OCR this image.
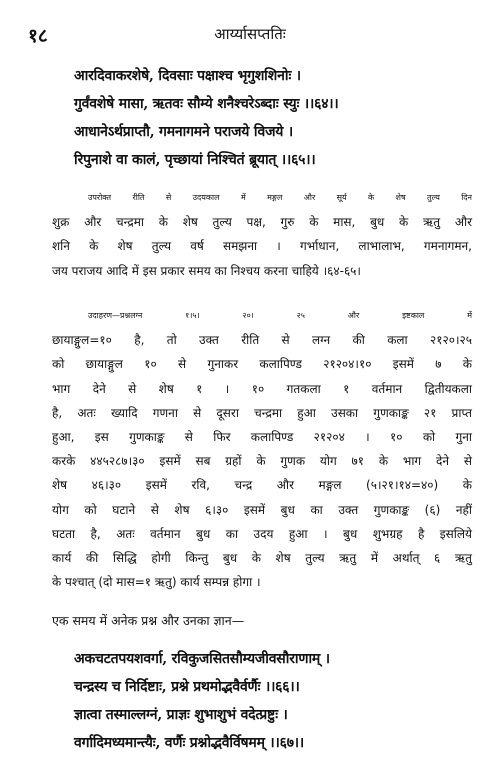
१८	आर्य्यासप्ततिः
आरदिवाकरशेषे, दिवसाः पक्षाश्च भृगुशशिनोः ।
गुर्वंवशेषे मासा, ऋतवः सौम्ये शनैश्चरेऽब्दाः स्युः ।।६४।।
आधानेऽर्थप्राप्तौ, गमनागमने पराजये विजये ।
रिपुनाशे वा कालं, पृच्छायां निश्चितं ब्रूयात् ।।६५।।
उपरोक्त रीति से उदयकाल में मङ्गल और सूर्य के शेष तुल्य दिन
शुक्र और चन्द्रमा के शेष तुल्य पक्ष, गुरु के मास, बुध के ऋतु और
शनि के शेष तुल्य वर्ष समझना । गर्भाधान, लाभालाभ, गमनागमन,
जय पराजय आदि में इस प्रकार समय का निश्चय करना चाहिये ।६४-६५।
उदाहरण—प्रश्नलग्न १।५। २०। २५ और इष्टकाल में
छायाङ्गुल=१० है, तो उक्त रीति से लग्न की कला २१२०।२५
को छायाङ्गुल १० से गुनाकर कलापिण्ड २१२०४।१० इसमें ७ के
भाग देने से शेष १ । १० गतकला १ वर्तमान द्वितीयकला
है, अतः ख्यादि गणना से दूसरा चन्द्रमा हुआ उसका गुणकाङ्क २१ प्राप्त
हुआ, इस गुणकाङ्क से फिर कलापिण्ड २१२०४ । १० को गुना
करके ४४५२८७।३० इसमें सब ग्रहों के गुणक योग ७१ के भाग देने से
शेष ४६।३० इसमें रवि, चन्द्र और मङ्गल (५।२१।१४=४०) के
योग को घटाने से शेष ६।३० इसमें बुध का उक्त गुणकाङ्क (६) नहीं
घटता है, अतः वर्तमान बुध का उदय हुआ । बुध शुभग्रह है इसलिये
कार्य की सिद्धि होगी किन्तु बुध के शेष तुल्य ऋतु में अर्थात् ६ ऋतु
के पश्चात् (दो मास=१ ऋतु) कार्य सम्पन्न होगा ।
एक समय में अनेक प्रश्न और उनका ज्ञान—
अकचटतपयशवर्गा, रविकुजसितसौम्यजीवसौराणाम् ।
चन्द्रस्य च निर्दिष्टाः, प्रश्ने प्रथमोद्भवैर्वर्णैः ।।६६।।
ज्ञात्वा तस्माल्लग्नं, प्राज्ञः शुभाशुभं वदेत्प्रष्टुः ।
वर्गादिमध्यमान्त्यैः, वर्णैः प्रश्नोद्भवैर्विषमम् ।।६७।।
